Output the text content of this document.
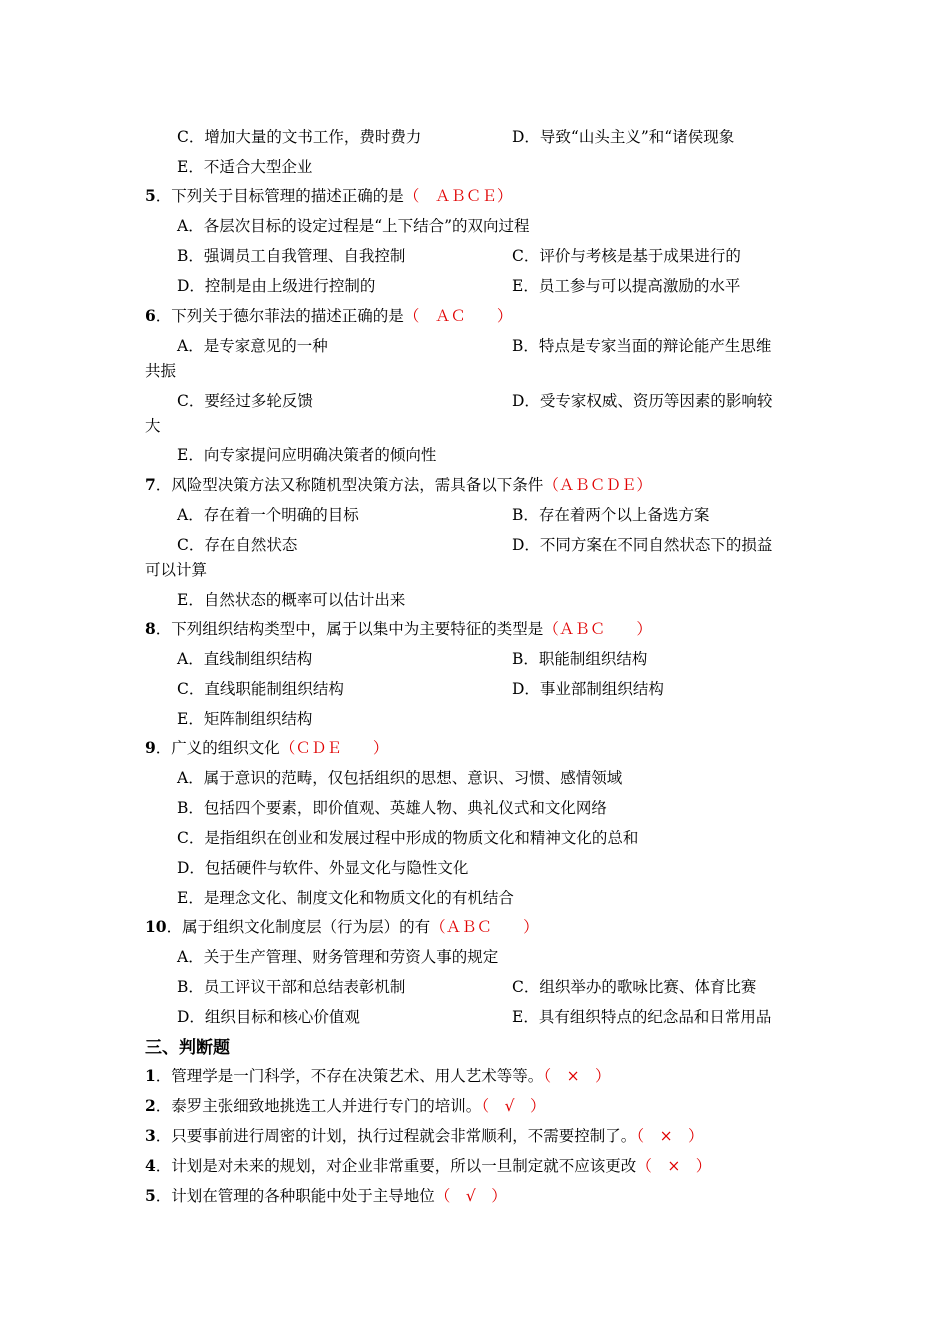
C．增加大量的文书工作，费时费力	D．导致“山头主义”和“诸侯现象
E．不适合大型企业
5．下列关于目标管理的描述正确的是（　ＡＢＣＥ）
A．各层次目标的设定过程是“上下结合”的双向过程
B．强调员工自我管理、自我控制	C．评价与考核是基于成果进行的
D．控制是由上级进行控制的	E．员工参与可以提高激励的水平
6．下列关于德尔菲法的描述正确的是（　ＡＣ　　）
A．是专家意见的一种	B．特点是专家当面的辩论能产生思维
共振
C．要经过多轮反馈	D．受专家权威、资历等因素的影响较
大
E．向专家提问应明确决策者的倾向性
7．风险型决策方法又称随机型决策方法，需具备以下条件（ＡＢＣＤＥ）
A．存在着一个明确的目标	B．存在着两个以上备选方案
C．存在自然状态	D．不同方案在不同自然状态下的损益
可以计算
E．自然状态的概率可以估计出来
8．下列组织结构类型中，属于以集中为主要特征的类型是（ＡＢＣ　　）
A．直线制组织结构	B．职能制组织结构
C．直线职能制组织结构	D．事业部制组织结构
E．矩阵制组织结构
9．广义的组织文化（ＣＤＥ　　）
A．属于意识的范畴，仅包括组织的思想、意识、习惯、感情领域
B．包括四个要素，即价值观、英雄人物、典礼仪式和文化网络
C．是指组织在创业和发展过程中形成的物质文化和精神文化的总和
D．包括硬件与软件、外显文化与隐性文化
E．是理念文化、制度文化和物质文化的有机结合
10．属于组织文化制度层（行为层）的有（ＡＢＣ　　）
A．关于生产管理、财务管理和劳资人事的规定
B．员工评议干部和总结表彰机制	C．组织举办的歌咏比赛、体育比赛
D．组织目标和核心价值观	E．具有组织特点的纪念品和日常用品
三、判断题
1．管理学是一门科学，不存在决策艺术、用人艺术等等。（　×　）
2．泰罗主张细致地挑选工人并进行专门的培训。（　√　）
3．只要事前进行周密的计划，执行过程就会非常顺利，不需要控制了。（　×　）
4．计划是对未来的规划，对企业非常重要，所以一旦制定就不应该更改（　×　）
5．计划在管理的各种职能中处于主导地位（　√　）
